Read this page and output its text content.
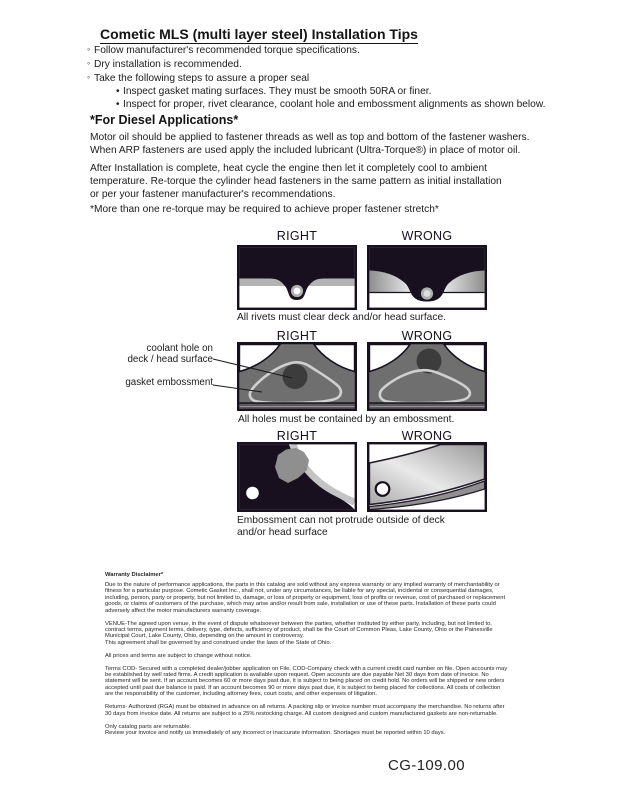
Cometic MLS (multi layer steel) Installation Tips
◦ Follow manufacturer's recommended torque specifications.
◦ Dry installation is recommended.
◦ Take the following steps to assure a proper seal
• Inspect gasket mating surfaces. They must be smooth 50RA or finer.
• Inspect for proper, rivet clearance, coolant hole and embossment alignments as shown below.
*For Diesel Applications*
Motor oil should be applied to fastener threads as well as top and bottom of the fastener washers.
When ARP fasteners are used apply the included lubricant (Ultra-Torque®) in place of motor oil.
After Installation is complete, heat cycle the engine then let it completely cool to ambient
temperature. Re-torque the cylinder head fasteners in the same pattern as initial installation
or per your fastener manufacturer's recommendations.
*More than one re-torque may be required to achieve proper fastener stretch*
RIGHT	WRONG
All rivets must clear deck and/or head surface.
RIGHT	WRONG
coolant hole on
deck / head surface
gasket embossment
All holes must be contained by an embossment.
RIGHT	WRONG
Embossment can not protrude outside of deck
and/or head surface

Warranty Disclaimer*

Due to the nature of performance applications, the parts in this catalog are sold without any express warranty or any implied warranty of merchantability or
fitness for a particular purpose. Cometic Gasket Inc., shall not, under any circumstances, be liable for any special, incidental or consequential damages,
including, person, party or property, but not limited to, damage, or loss of property or equipment, loss of profits or revenue, cost of purchased or replacement
goods, or claims of customers of the purchase, which may arise and/or result from sale, installation or use of these parts. Installation of these parts could
adversely affect the motor manufacturers warranty coverage.
VENUE-The agreed upon venue, in the event of dispute whatsoever between the parties, whether instituted by either party, including, but not limited to,
contract terms, payment terms, delivery, type, defects, sufficiency of product, shall be the Court of Common Pleas, Lake County, Ohio or the Painesville
Municipal Court, Lake County, Ohio, depending on the amount in controversy.
This agreement shall be governed by and construed under the laws of the State of Ohio.
All prices and terms are subject to change without notice.
Terms COD- Secured with a completed dealer/jobber application on File, COD-Company check with a current credit card number on file. Open accounts may
be established by well rated firms. A credit application is available upon request. Open accounts are due payable Net 30 days from date of invoice. No
statement will be sent. If an account becomes 60 or more days past due, it is subject to being placed on credit hold. No orders will be shipped or new orders
accepted until past due balance is paid. If an account becomes 90 or more days past due, it is subject to being placed for collections. All costs of collection
are the responsibility of the customer, including attorney fees, court costs, and other expenses of litigation.
Returns- Authorized (RGA) must be obtained in advance on all returns. A packing slip or invoice number must accompany the merchandise. No returns after
30 days from invoice date. All returns are subject to a 25% restocking charge. All custom designed and custom manufactured gaskets are non-returnable.
Only catalog parts are returnable.
Review your invoice and notify us immediately of any incorrect or inaccurate information. Shortages must be reported within 10 days.
CG-109.00
